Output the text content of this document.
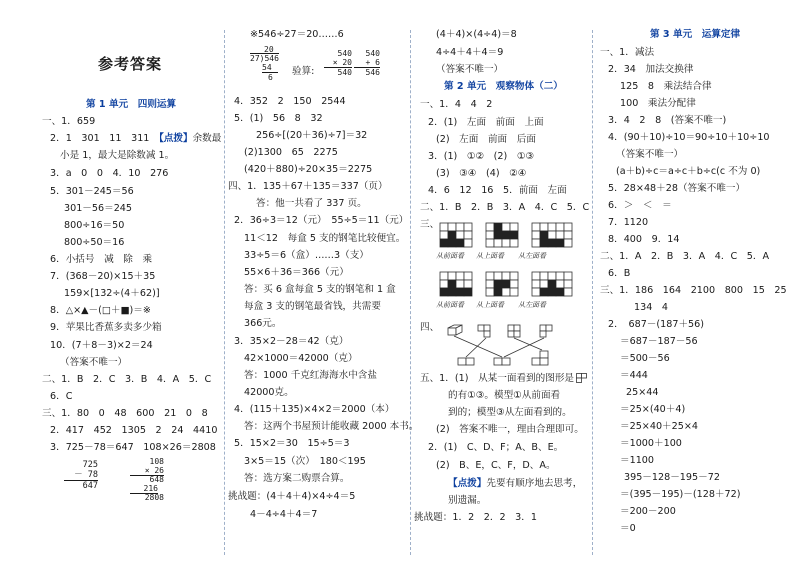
参考答案
第 1 单元　四则运算
一、1．659
2．1　301　11　311　 【点拨】余数最
小是 1，最大是除数减 1。
3．a　0　0　4．10　276
5．301－245＝56
301－56＝245
800÷16＝50
800÷50＝16
6．小括号　减　除　乘
7．(368－20)×15＋35
159×[132÷(4＋62)]
8．△×▲－(□＋■)＝※
9．苹果比香蕉多卖多少箱
10．(7＋8－3)×2＝24
（答案不唯一）
二、1．B　2．C　3．B　4．A　5．C
6．C
三、1．80　0　48　600　21　0　8
2．417　452　1305　2　24　4410
3．725－78＝647　108×26＝2808
725
－ 78
647
108
× 26
648
216
2808
※546÷27＝20……6
20
27)546
54
6
验算:
540
× 20
540
540
+ 6
546
4．352　2　150　2544
5．(1)　56　8　32
256÷[(20＋36)÷7]＝32
(2)1300　65　2275
(420＋880)÷20×35＝2275
四、1．135＋67＋135＝337（页）
答：他一共看了 337 页。
2．36÷3＝12（元）　55÷5＝11（元）
11＜12　每盒 5 支的钢笔比较便宜。
33÷5＝6（盒）……3（支）
55×6＋36＝366（元）
答：买 6 盒每盒 5 支的钢笔和 1 盒
每盒 3 支的钢笔最省钱，共需要
366元。
3．35×2－28＝42（克）
42×1000＝42000（克）
答：1000 千克红海海水中含盐
42000克。
4．(115＋135)×4×2＝2000（本）
答：这两个书屋预计能收藏 2000 本书。
5．15×2＝30　15÷5＝3
3×5＝15（次）　180＜195
答：选方案二购票合算。
挑战题：(4＋4＋4)×4÷4＝5
4－4÷4＋4＝7
(4＋4)×(4÷4)＝8
4÷4＋4＋4＝9
（答案不唯一）
第 2 单元　观察物体（二）
一、1．4　4　2
2．(1)　左面　前面　上面
(2)　左面　前面　后面
3．(1)　①②　(2)　①③
(3)　③④　(4)　②④
4．6　12　16　5．前面　左面
二、1．B　2．B　3．A　4．C　5．C
三、
从前面看 从上面看 从左面看
从前面看 从上面看 从左面看
四、
五、1．(1)　从某一面看到的图形是
的有①③。模型①从前面看
到的；模型③从左面看到的。
(2)　答案不唯一，理由合理即可。
2．(1)　C、D、F；A、B、E。
(2)　B、E，C、F，D、A。
【点拨】先要有顺序地去思考，
别遗漏。
挑战题：1．2　2．2　3．1
第 3 单元　运算定律
一、1．减法
2．34　加法交换律
125　8　乘法结合律
100　乘法分配律
3．4　2　8　(答案不唯一)
4．(90＋10)÷10＝90÷10＋10÷10
（答案不唯一）
(a＋b)÷c＝a÷c＋b÷c(c 不为 0)
5．28×48＋28（答案不唯一）
6．＞　＜　＝
7．1120
8．400　9．14
二、1．A　2．B　3．A　4．C　5．A
6．B
三、1．186　164　2100　800　15　25
134　4
2．　687－(187＋56)
＝687－187－56
＝500－56
＝444
25×44
＝25×(40＋4)
＝25×40＋25×4
＝1000＋100
＝1100
395－128－195－72
＝(395－195)－(128＋72)
＝200－200
＝0
